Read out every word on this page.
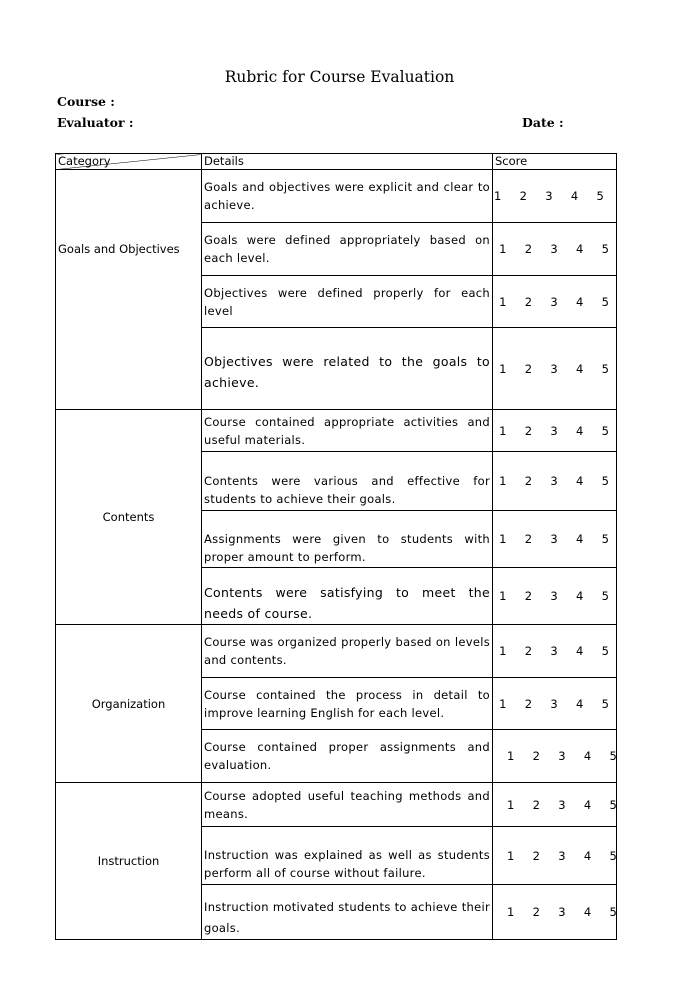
Rubric for Course Evaluation
Course :
Evaluator :	Date :
Category	Details	Score
Goals and Objectives	Goals and objectives were explicit and clear to achieve.	1  2  3  4  5
	Goals were defined appropriately based on each level.	1  2  3  4  5
	Objectives were defined properly for each level	1  2  3  4  5
	Objectives were related to the goals to achieve.	1  2  3  4  5
Contents	Course contained appropriate activities and useful materials.	1  2  3  4  5
	Contents were various and effective for students to achieve their goals.	1  2  3  4  5
	Assignments were given to students with proper amount to perform.	1  2  3  4  5
	Contents were satisfying to meet the needs of course.	1  2  3  4  5
Organization	Course was organized properly based on levels and contents.	1  2  3  4  5
	Course contained the process in detail to improve learning English for each level.	1  2  3  4  5
	Course contained proper assignments and evaluation.	1  2  3  4  5
Instruction	Course adopted useful teaching methods and means.	1  2  3  4  5
	Instruction was explained as well as students perform all of course without failure.	1  2  3  4  5
	Instruction motivated students to achieve their goals.	1  2  3  4  5
